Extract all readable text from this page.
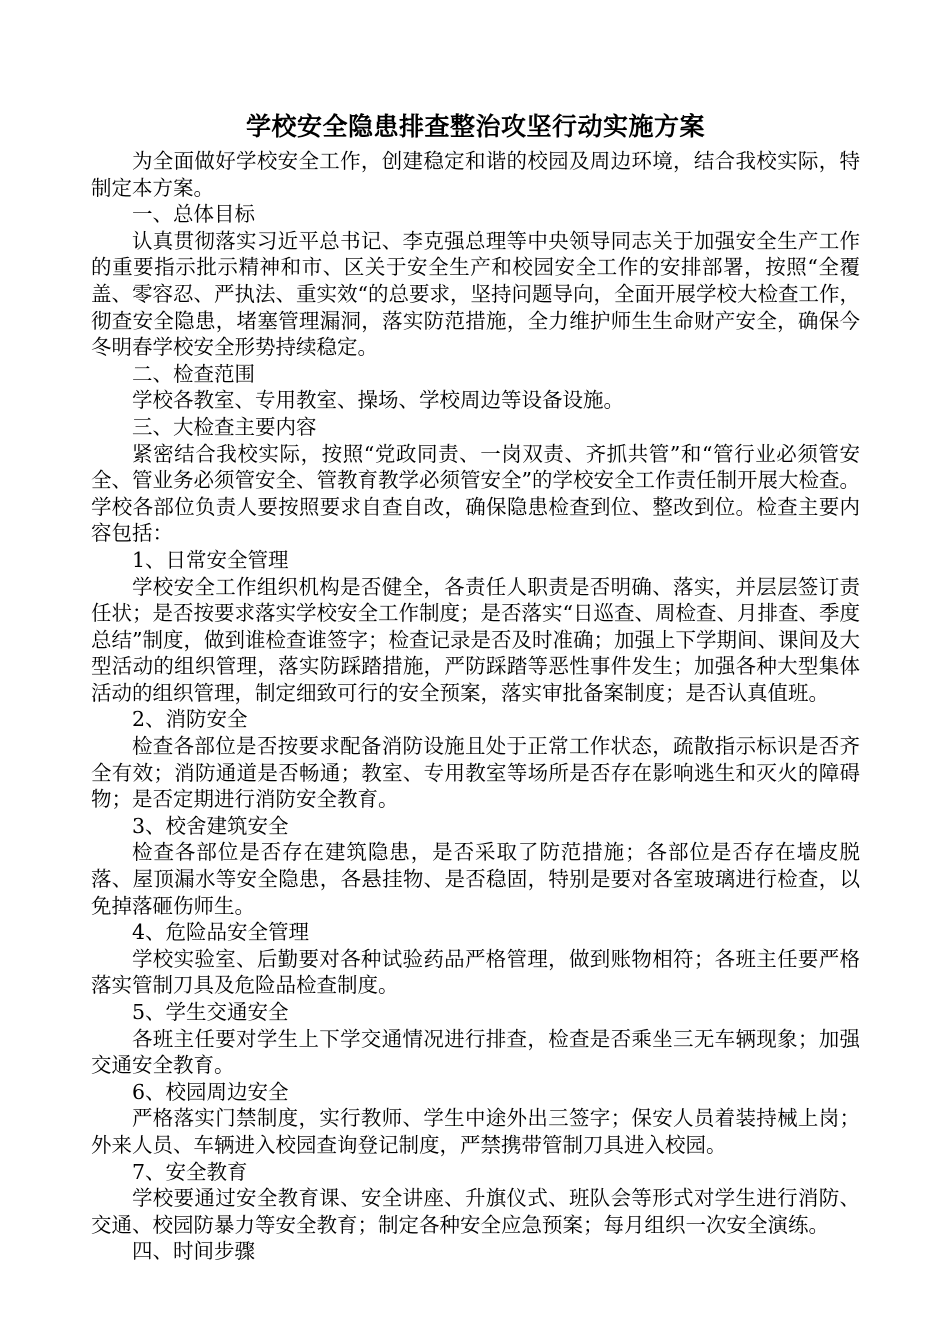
学校安全隐患排查整治攻坚行动实施方案

为全面做好学校安全工作，创建稳定和谐的校园及周边环境，结合我校实际，特制定本方案。

一、总体目标

认真贯彻落实习近平总书记、李克强总理等中央领导同志关于加强安全生产工作的重要指示批示精神和市、区关于安全生产和校园安全工作的安排部署，按照“全覆盖、零容忍、严执法、重实效“的总要求，坚持问题导向，全面开展学校大检查工作，彻查安全隐患，堵塞管理漏洞，落实防范措施，全力维护师生生命财产安全，确保今冬明春学校安全形势持续稳定。

二、检查范围

学校各教室、专用教室、操场、学校周边等设备设施。

三、大检查主要内容

紧密结合我校实际，按照“党政同责、一岗双责、齐抓共管”和“管行业必须管安全、管业务必须管安全、管教育教学必须管安全”的学校安全工作责任制开展大检查。学校各部位负责人要按照要求自查自改，确保隐患检查到位、整改到位。检查主要内容包括：

1、日常安全管理

学校安全工作组织机构是否健全，各责任人职责是否明确、落实，并层层签订责任状；是否按要求落实学校安全工作制度；是否落实“日巡查、周检查、月排查、季度总结”制度，做到谁检查谁签字；检查记录是否及时准确；加强上下学期间、课间及大型活动的组织管理，落实防踩踏措施，严防踩踏等恶性事件发生；加强各种大型集体活动的组织管理，制定细致可行的安全预案，落实审批备案制度；是否认真值班。

2、消防安全

检查各部位是否按要求配备消防设施且处于正常工作状态，疏散指示标识是否齐全有效；消防通道是否畅通；教室、专用教室等场所是否存在影响逃生和灭火的障碍物；是否定期进行消防安全教育。

3、校舍建筑安全

检查各部位是否存在建筑隐患，是否采取了防范措施；各部位是否存在墙皮脱落、屋顶漏水等安全隐患，各悬挂物、是否稳固，特别是要对各室玻璃进行检查，以免掉落砸伤师生。

4、危险品安全管理

学校实验室、后勤要对各种试验药品严格管理，做到账物相符；各班主任要严格落实管制刀具及危险品检查制度。

5、学生交通安全

各班主任要对学生上下学交通情况进行排查，检查是否乘坐三无车辆现象；加强交通安全教育。

6、校园周边安全

严格落实门禁制度，实行教师、学生中途外出三签字；保安人员着装持械上岗；外来人员、车辆进入校园查询登记制度，严禁携带管制刀具进入校园。

7、安全教育

学校要通过安全教育课、安全讲座、升旗仪式、班队会等形式对学生进行消防、交通、校园防暴力等安全教育；制定各种安全应急预案；每月组织一次安全演练。

四、时间步骤
